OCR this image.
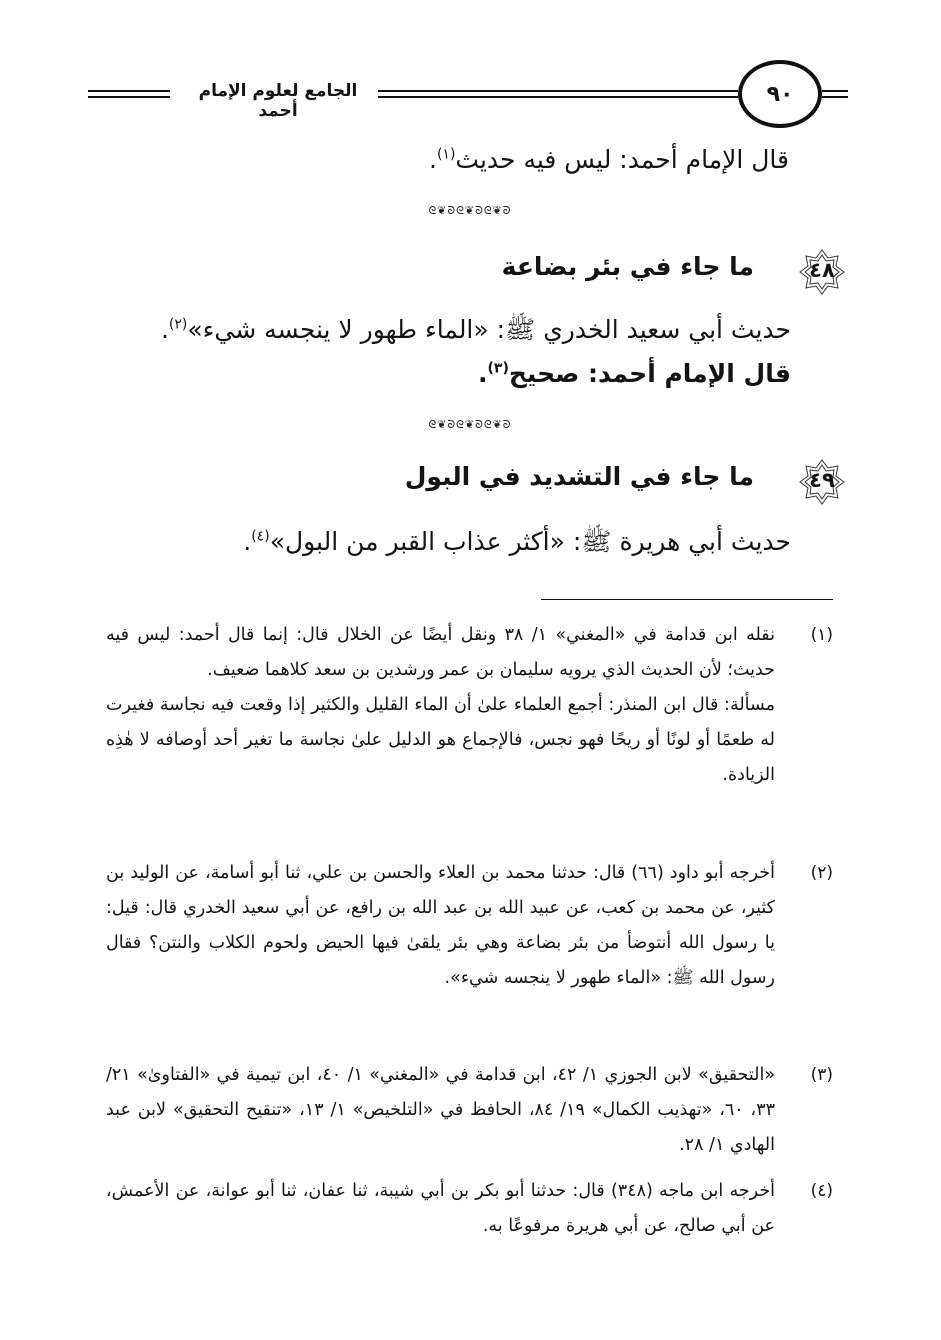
الجامع لعلوم الإمام أحمد
٩٠
قال الإمام أحمد: ليس فيه حديث$^{(١)}$.
ᘓ❦ᘐᘓ❦ᘐᘓ❦ᘐ
٤٨
ما جاء في بئر بضاعة
حديث أبي سعيد الخدري ﷺ: «الماء طهور لا ينجسه شيء»$^{(٢)}$.
قال الإمام أحمد: صحيح$^{(٣)}$.
ᘓ❦ᘐᘓ❦ᘐᘓ❦ᘐ
٤٩
ما جاء في التشديد في البول
حديث أبي هريرة ﷺ: «أكثر عذاب القبر من البول»$^{(٤)}$.
(١)

نقله ابن قدامة في «المغني» ١/ ٣٨ ونقل أيضًا عن الخلال قال: إنما قال أحمد: ليس فيه حديث؛ لأن الحديث الذي يرويه سليمان بن عمر ورشدين بن سعد كلاهما ضعيف.

مسألة: قال ابن المنذر: أجمع العلماء علىٰ أن الماء القليل والكثير إذا وقعت فيه نجاسة فغيرت له طعمًا أو لونًا أو ريحًا فهو نجس، فالإجماع هو الدليل علىٰ نجاسة ما تغير أحد أوصافه لا هٰذِه الزيادة.

(٢)

أخرجه أبو داود (٦٦) قال: حدثنا محمد بن العلاء والحسن بن علي، ثنا أبو أسامة، عن الوليد بن كثير، عن محمد بن كعب، عن عبيد الله بن عبد الله بن رافع، عن أبي سعيد الخدري قال: قيل: يا رسول الله أنتوضأ من بئر بضاعة وهي بئر يلقىٰ فيها الحيض ولحوم الكلاب والنتن؟ فقال رسول الله ﷺ: «الماء طهور لا ينجسه شيء».

(٣)

«التحقيق» لابن الجوزي ١/ ٤٢، ابن قدامة في «المغني» ١/ ٤٠، ابن تيمية في «الفتاوىٰ» ٢١/ ٣٣، ٦٠، «تهذيب الكمال» ١٩/ ٨٤، الحافظ في «التلخيص» ١/ ١٣، «تنقيح التحقيق» لابن عبد الهادي ١/ ٢٨.

(٤)

أخرجه ابن ماجه (٣٤٨) قال: حدثنا أبو بكر بن أبي شيبة، ثنا عفان، ثنا أبو عوانة، عن الأعمش، عن أبي صالح، عن أبي هريرة مرفوعًا به.
